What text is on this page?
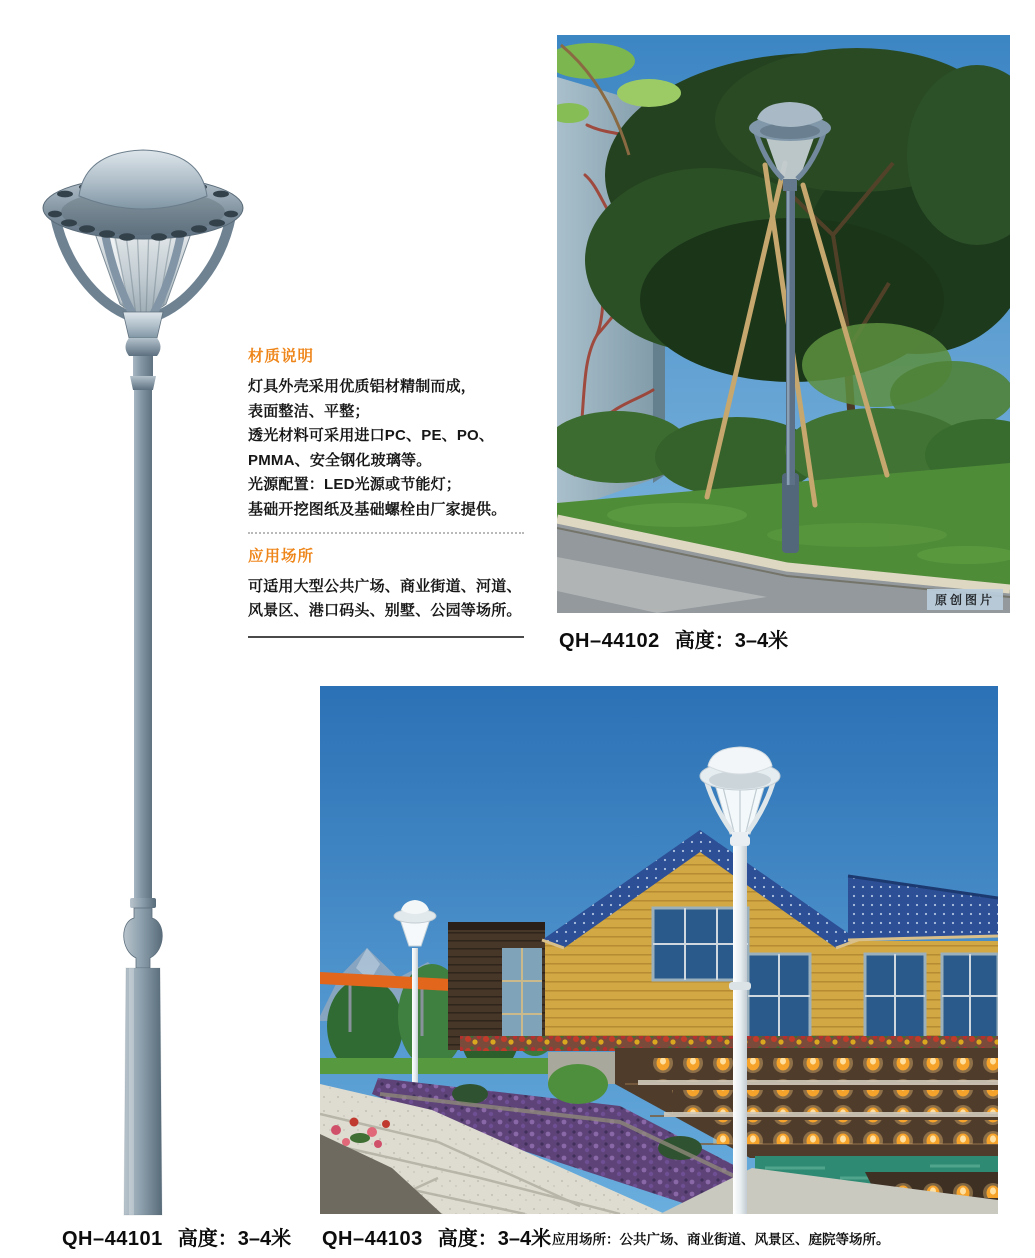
材质说明
灯具外壳采用优质铝材精制而成，
表面整洁、平整；
透光材料可采用进口PC、PE、PO、
PMMA、安全钢化玻璃等。
光源配置：LED光源或节能灯；
基础开挖图纸及基础螺栓由厂家提供。
应用场所
可适用大型公共广场、商业街道、河道、
风景区、港口码头、别墅、公园等场所。
原创图片
QH–44101 高度：3–4米
QH–44102 高度：3–4米
QH–44103 高度：3–4米 应用场所：公共广场、商业街道、风景区、庭院等场所。
